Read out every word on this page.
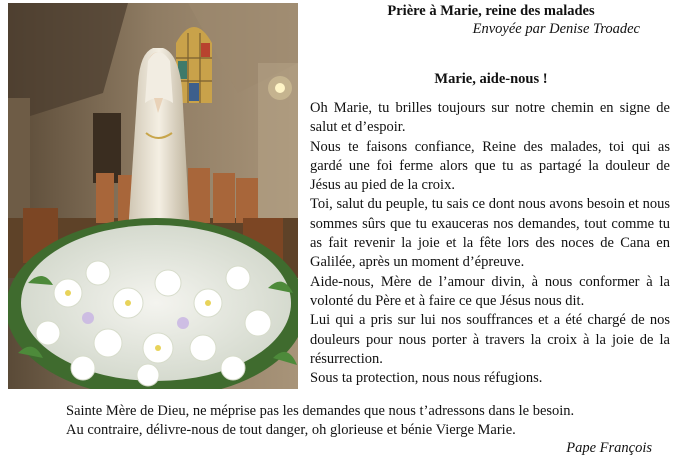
Prière à Marie, reine des malades
Envoyée par Denise Troadec
Marie, aide-nous !

Oh Marie, tu brilles toujours sur notre chemin en signe de salut et d’espoir.

Nous te faisons confiance, Reine des malades, toi qui as gardé une foi ferme alors que tu as partagé la douleur de Jésus au pied de la croix.

Toi, salut du peuple, tu sais ce dont nous avons besoin et nous sommes sûrs que tu exauceras nos demandes, tout comme tu as fait revenir la joie et la fête lors des noces de Cana en Galilée, après un moment d’épreuve.

Aide-nous, Mère de l’amour divin, à nous conformer à la volonté du Père et à faire ce que Jésus nous dit.

Lui qui a pris sur lui nos souffrances et a été chargé de nos douleurs pour nous porter à travers la croix à la joie de la résurrection.

Sous ta protection, nous nous réfugions.

Sainte Mère de Dieu, ne méprise pas les demandes que nous t’adressons dans le besoin.

Au contraire, délivre-nous de tout danger, oh glorieuse et bénie Vierge Marie.

Pape François
